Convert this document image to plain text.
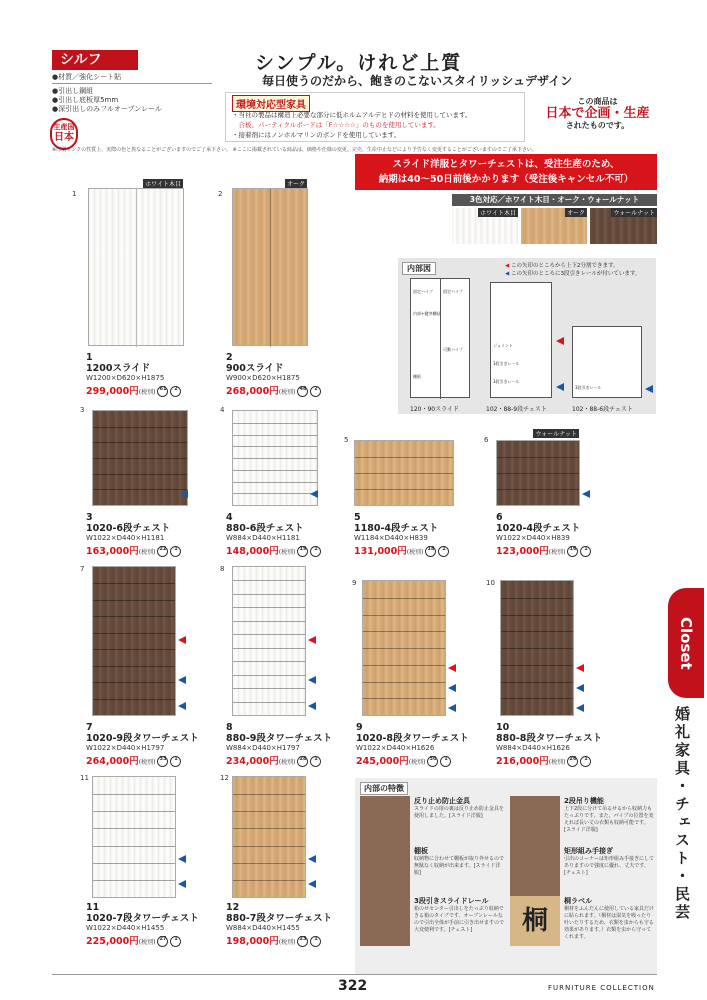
シルフ
●材質／強化シート貼
●引出し鋼組
●引出し底板厚5mm
●深引出しのみフルオープンレール
生産国
日本
シンプル。けれど上質
毎日使うのだから、飽きのこないスタイリッシュデザイン
環境対応型家具
・当社の製品は構造上必要な部分に低ホルムアルデヒドの材料を使用しています。
　合板、パーティクルボードは「F☆☆☆☆」のものを使用しています。
・接着剤にはノンホルマリンのボンドを使用しています。
この商品は
日本で企画・生産
されたものです。
※印刷インクの性質上、実際の色と異なることがございますのでご了承下さい。 ※ここに掲載されている商品は、価格や仕様の変更、完売、生産中止などにより予告なく変更することがございますのでご了承下さい。
スライド洋服とタワーチェストは、受注生産のため、
納期は40～50日前後かかります（受注後キャンセル不可）
3色対応／ホワイト木目・オーク・ウォールナット
ホワイト木目	オーク	ウォールナット
内部図	◀ この矢印のところから上下2分割できます。
◀ この矢印のところに3段引きレールが付いています。
固定ハイプ	固定ハイプ
内部+鍵突棚貼
可動ハイプ
棚板
ジョイント
3段引きレール
3段引きレール
3段引きレール
120・90スライド	102・88-9段チェスト	102・88-6段チェスト
1
ホワイト木目
2
オーク
3	4
5	6
ウォールナット
7	8
9	10
11	12
1
1200スライド
W1200×D620×H1875
299,000円(税別) 61 2
2
900スライド
W900×D620×H1875
268,000円(税別) 48 2
3
1020-6段チェスト
W1022×D440×H1181
163,000円(税別) 22 1
4
880-6段チェスト
W884×D440×H1181
148,000円(税別) 19 1
5
1180-4段チェスト
W1184×D440×H839
131,000円(税別) 18 1
6
1020-4段チェスト
W1022×D440×H839
123,000円(税別) 16 1
7
1020-9段タワーチェスト
W1022×D440×H1797
264,000円(税別) 33 1
8
880-9段タワーチェスト
W884×D440×H1797
234,000円(税別) 28 1
9
1020-8段タワーチェスト
W1022×D440×H1626
245,000円(税別) 30 1
10
880-8段タワーチェスト
W884×D440×H1626
216,000円(税別) 26 1
11
1020-7段タワーチェスト
W1022×D440×H1455
225,000円(税別) 27 1
12
880-7段タワーチェスト
W884×D440×H1455
198,000円(税別) 23 1
Closet
婚礼家具・チェスト・民芸
内部の特徴
反り止め防止金具
スライドの扉の裏は反り止め防止金具を使用しました。[スライド洋服]
2段吊り機能
上下2段に分けて吊るせるから収納力もたっぷりです。また、パイプの位置を変えれば長い丈の衣類も収納可能です。[スライド洋服]
棚板
収納物に合わせて棚板が取り外せるので無駄なく収納が出来ます。[スライド洋服]
矩形組み手接ぎ
引出のコーナーは矩形組み手接ぎにしてありますので強度に優れ、丈夫です。[チェスト]
3段引きスライドレール
箱のせセンター引出しをたっぷり収納できる箱のタイプです。オープンレールなので引出全体が手前に引き出せますので大変便利です。[チェスト]	桐
桐ラベル
桐材をふんだんに使用している家具だけに貼られます。（桐材は湿気を吸ったり吐いたりするため、衣類を虫からも守る効果があります。）衣類を虫から守ってくれます。
322	FURNITURE COLLECTION
